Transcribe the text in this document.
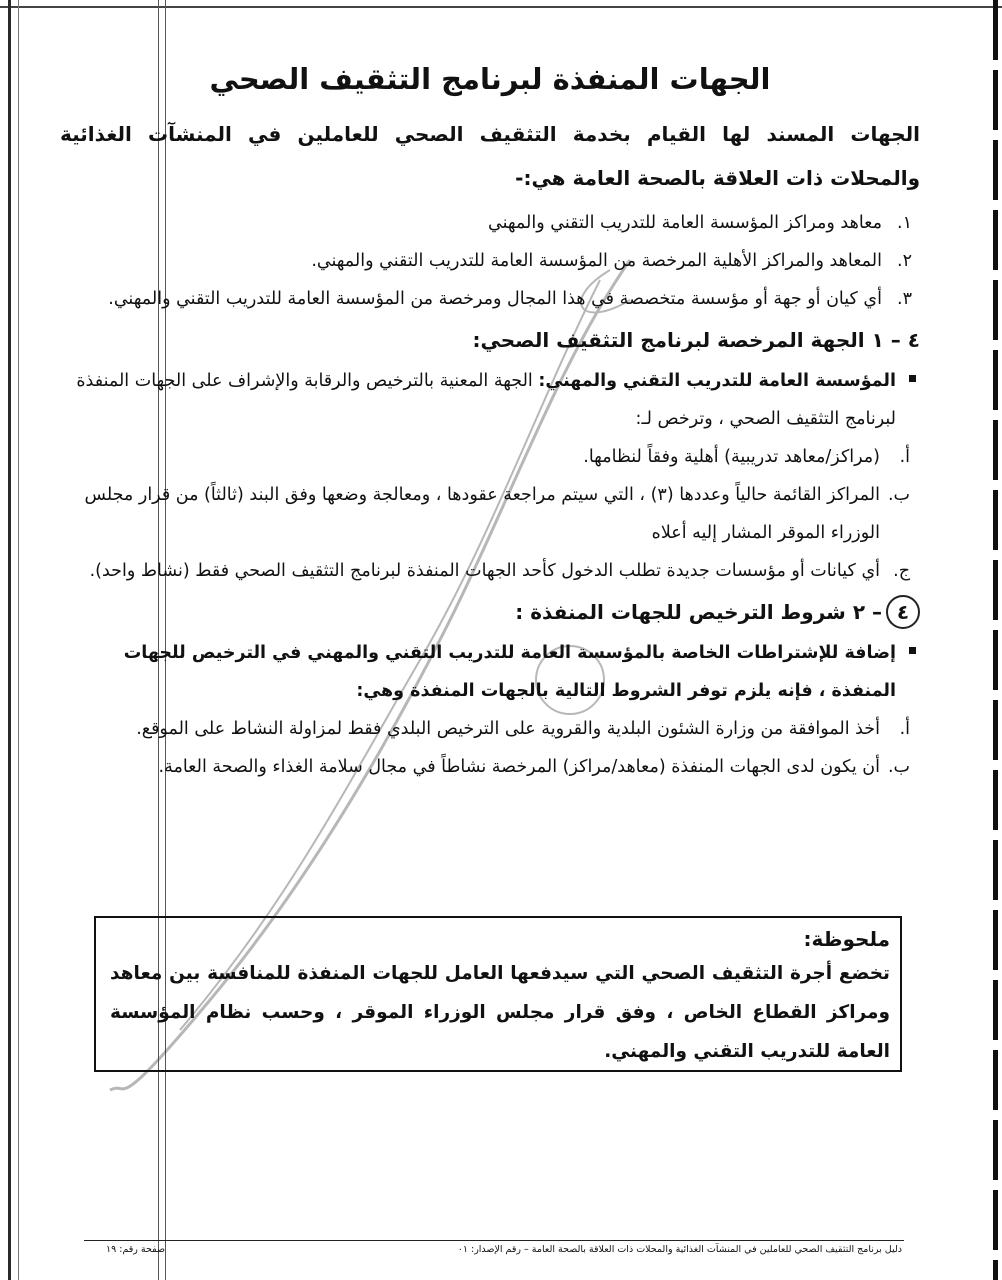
الجهات المنفذة لبرنامج التثقيف الصحي
الجهات المسند لها القيام بخدمة التثقيف الصحي للعاملين في المنشآت الغذائية والمحلات ذات العلاقة بالصحة العامة هي:-
١.
معاهد ومراكز المؤسسة العامة للتدريب التقني والمهني
٢.
المعاهد والمراكز الأهلية المرخصة من المؤسسة العامة للتدريب التقني والمهني.
٣.
أي كيان أو جهة أو مؤسسة متخصصة في هذا المجال ومرخصة من المؤسسة العامة للتدريب التقني والمهني.
٤ – ١ الجهة المرخصة لبرنامج التثقيف الصحي:

المؤسسة العامة للتدريب التقني والمهني: الجهة المعنية بالترخيص والرقابة والإشراف على الجهات المنفذة لبرنامج التثقيف الصحي ، وترخص لـ:

أ.
(مراكز/معاهد تدريبية) أهلية وفقاً لنظامها.

ب.
المراكز القائمة حالياً وعددها (٣) ، التي سيتم مراجعة عقودها ، ومعالجة وضعها وفق البند (ثالثاً) من قرار مجلس الوزراء الموقر المشار إليه أعلاه

ج.
أي كيانات أو مؤسسات جديدة تطلب الدخول كأحد الجهات المنفذة لبرنامج التثقيف الصحي فقط (نشاط واحد).

٤– ٢ شروط الترخيص للجهات المنفذة :

إضافة للإشتراطات الخاصة بالمؤسسة العامة للتدريب التقني والمهني في الترخيص للجهات المنفذة ، فإنه يلزم توفر الشروط التالية بالجهات المنفذة وهي:

أ.
أخذ الموافقة من وزارة الشئون البلدية والقروية على الترخيص البلدي فقط لمزاولة النشاط على الموقع.

ب.
أن يكون لدى الجهات المنفذة (معاهد/مراكز) المرخصة نشاطاً في مجال سلامة الغذاء والصحة العامة.

ملحوظة:
تخضع أجرة التثقيف الصحي التي سيدفعها العامل للجهات المنفذة للمنافسة بين معاهد ومراكز القطاع الخاص ، وفق قرار مجلس الوزراء الموقر ، وحسب نظام المؤسسة العامة للتدريب التقني والمهني.
دليل برنامج التثقيف الصحي للعاملين في المنشآت الغذائية والمحلات ذات العلاقة بالصحة العامة – رقم الإصدار: ٠١
صفحة رقم: ١٩
